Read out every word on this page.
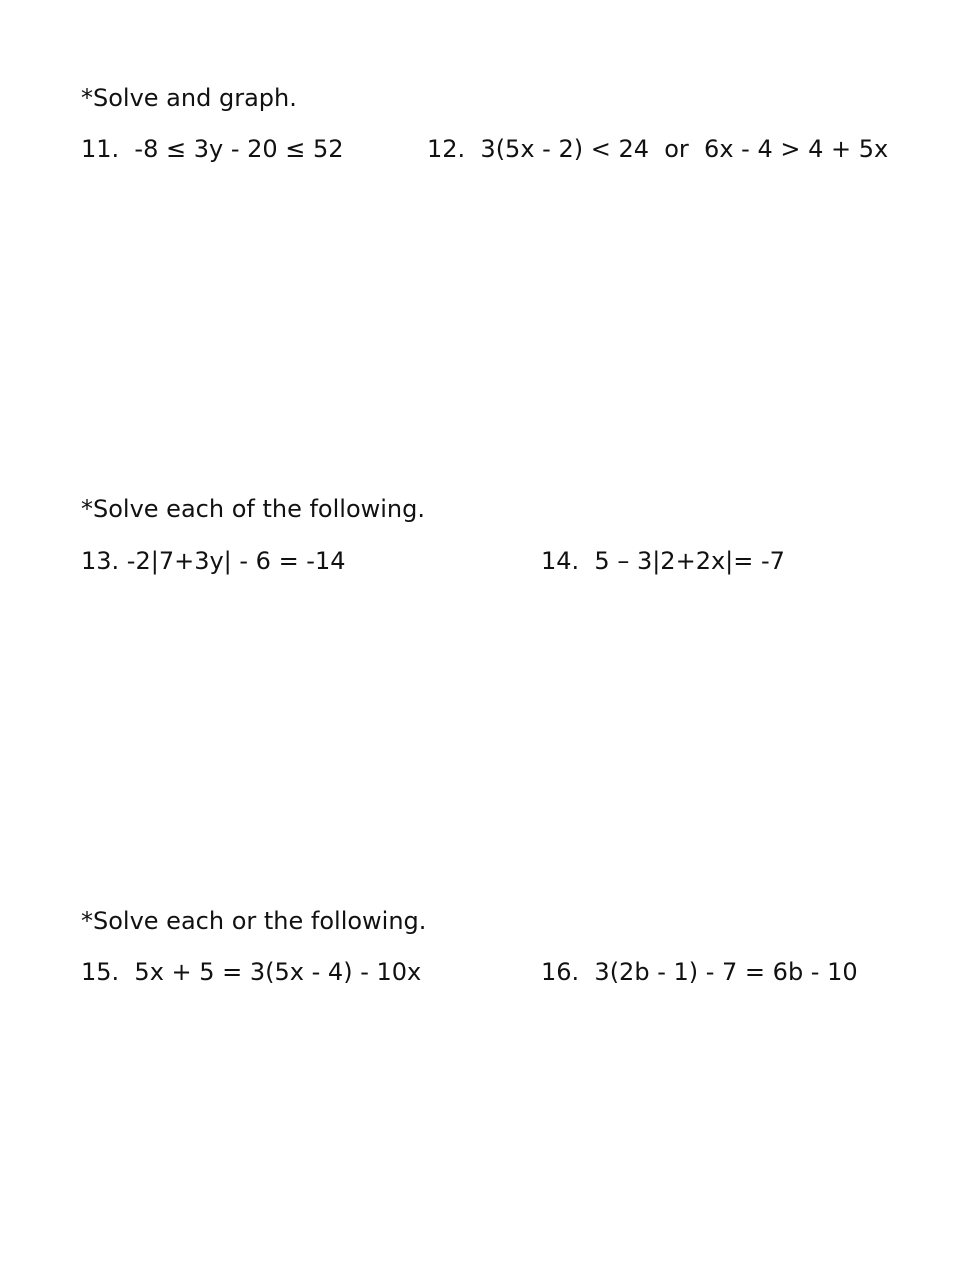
*Solve and graph.
11.  -8 ≤ 3y - 20 ≤ 52	12.  3(5x - 2) < 24  or  6x - 4 > 4 + 5x
*Solve each of the following.
13. -2|7+3y| - 6 = -14	14.  5 – 3|2+2x|= -7
*Solve each or the following.
15.  5x + 5 = 3(5x - 4) - 10x	16.  3(2b - 1) - 7 = 6b - 10
